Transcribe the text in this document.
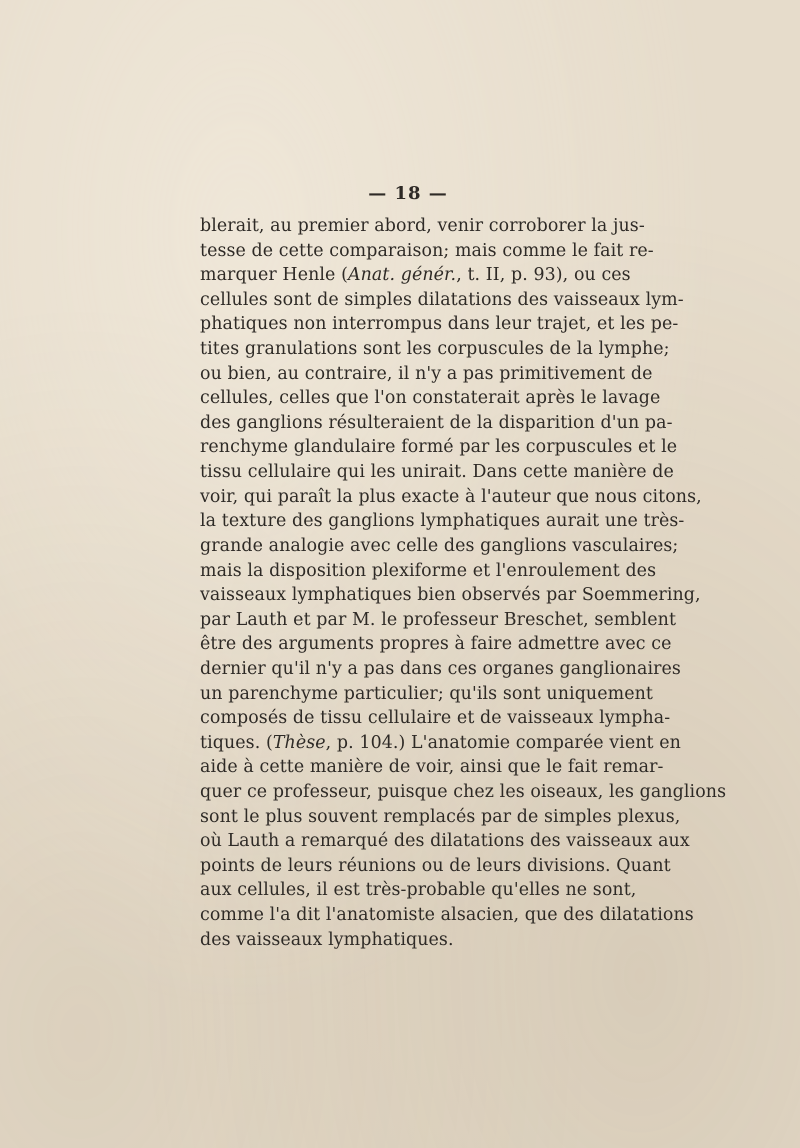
— 18 —
blerait, au premier abord, venir corroborer la jus-
tesse de cette comparaison; mais comme le fait re-
marquer Henle (Anat. génér., t. II, p. 93), ou ces
cellules sont de simples dilatations des vaisseaux lym-
phatiques non interrompus dans leur trajet, et les pe-
tites granulations sont les corpuscules de la lymphe;
ou bien, au contraire, il n'y a pas primitivement de
cellules, celles que l'on constaterait après le lavage
des ganglions résulteraient de la disparition d'un pa-
renchyme glandulaire formé par les corpuscules et le
tissu cellulaire qui les unirait. Dans cette manière de
voir, qui paraît la plus exacte à l'auteur que nous citons,
la texture des ganglions lymphatiques aurait une très-
grande analogie avec celle des ganglions vasculaires;
mais la disposition plexiforme et l'enroulement des
vaisseaux lymphatiques bien observés par Soemmering,
par Lauth et par M. le professeur Breschet, semblent
être des arguments propres à faire admettre avec ce
dernier qu'il n'y a pas dans ces organes ganglionaires
un parenchyme particulier; qu'ils sont uniquement
composés de tissu cellulaire et de vaisseaux lympha-
tiques. (Thèse, p. 104.) L'anatomie comparée vient en
aide à cette manière de voir, ainsi que le fait remar-
quer ce professeur, puisque chez les oiseaux, les ganglions
sont le plus souvent remplacés par de simples plexus,
où Lauth a remarqué des dilatations des vaisseaux aux
points de leurs réunions ou de leurs divisions. Quant
aux cellules, il est très-probable qu'elles ne sont,
comme l'a dit l'anatomiste alsacien, que des dilatations
des vaisseaux lymphatiques.
